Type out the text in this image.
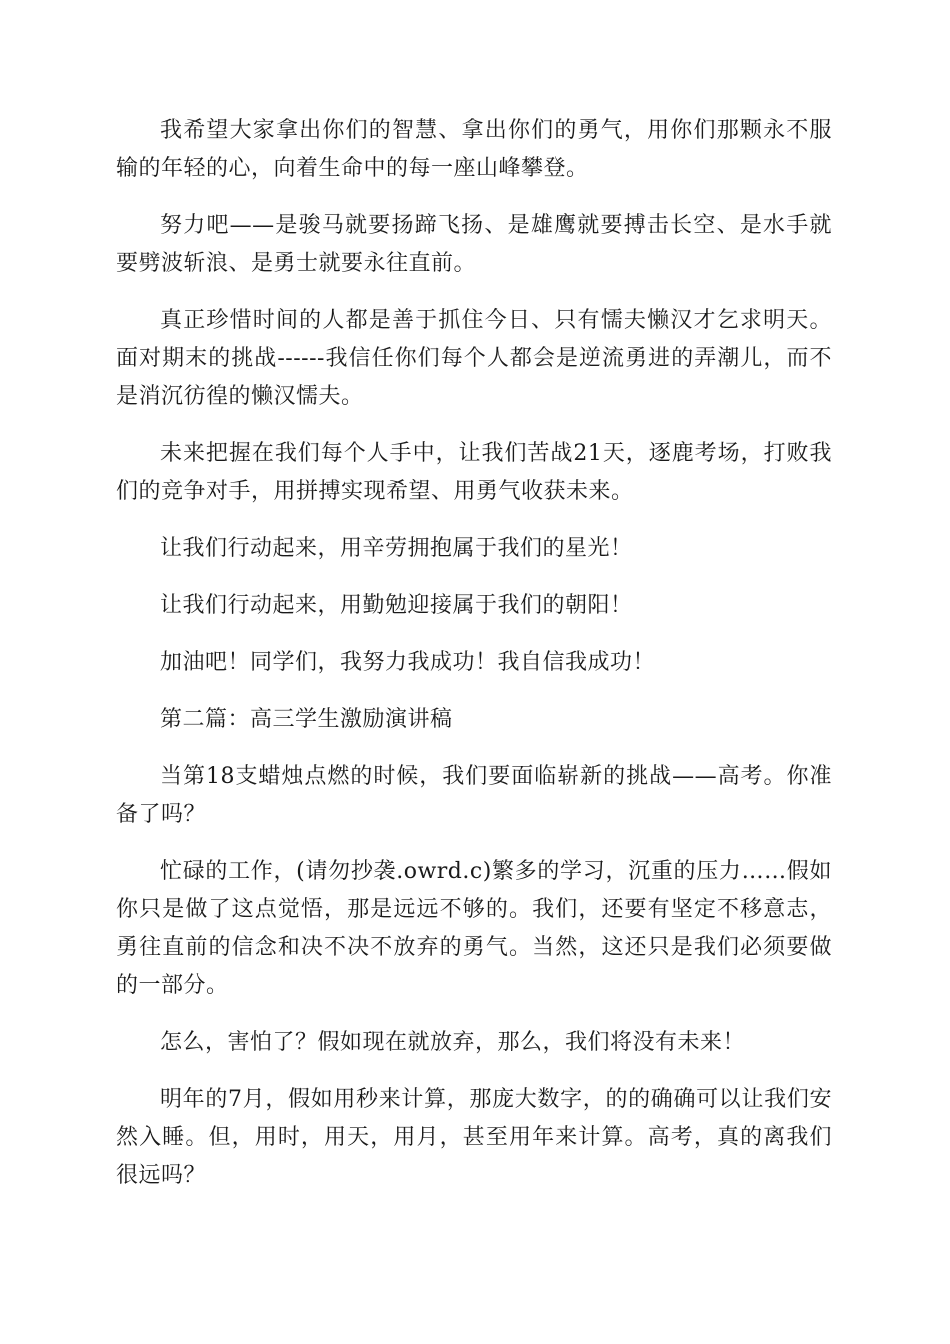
我希望大家拿出你们的智慧、拿出你们的勇气，用你们那颗永不服输的年轻的心，向着生命中的每一座山峰攀登。

努力吧——是骏马就要扬蹄飞扬、是雄鹰就要搏击长空、是水手就要劈波斩浪、是勇士就要永往直前。

真正珍惜时间的人都是善于抓住今日、只有懦夫懒汉才乞求明天。面对期末的挑战------我信任你们每个人都会是逆流勇进的弄潮儿，而不是消沉彷徨的懒汉懦夫。

未来把握在我们每个人手中，让我们苦战21天，逐鹿考场，打败我们的竞争对手，用拼搏实现希望、用勇气收获未来。

让我们行动起来，用辛劳拥抱属于我们的星光！

让我们行动起来，用勤勉迎接属于我们的朝阳！

加油吧！同学们，我努力我成功！我自信我成功！

第二篇：高三学生激励演讲稿

当第18支蜡烛点燃的时候，我们要面临崭新的挑战——高考。你准备了吗？

忙碌的工作，(请勿抄袭.owrd.c)繁多的学习，沉重的压力……假如你只是做了这点觉悟，那是远远不够的。我们，还要有坚定不移意志，勇往直前的信念和决不决不放弃的勇气。当然，这还只是我们必须要做的一部分。

怎么，害怕了？假如现在就放弃，那么，我们将没有未来！

明年的7月，假如用秒来计算，那庞大数字，的的确确可以让我们安然入睡。但，用时，用天，用月，甚至用年来计算。高考，真的离我们很远吗？
